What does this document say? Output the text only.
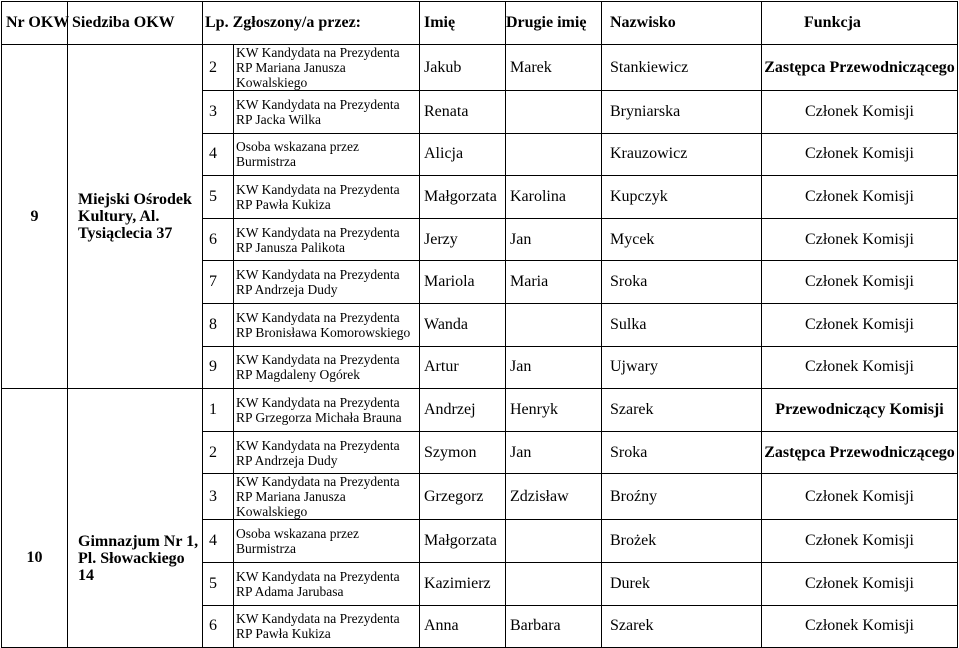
Nr OKW	Siedziba OKW	Lp. Zgłoszony/a przez:		Imię	Drugie imię	Nazwisko	Funkcja
9	Miejski Ośrodek Kultury, Al. Tysiąclecia 37	2	KW Kandydata na Prezydenta RP Mariana Janusza Kowalskiego	Jakub	Marek	Stankiewicz	Zastępca Przewodniczącego
		3	KW Kandydata na Prezydenta RP Jacka Wilka	Renata		Bryniarska	Członek Komisji
		4	Osoba wskazana przez Burmistrza	Alicja		Krauzowicz	Członek Komisji
		5	KW Kandydata na Prezydenta RP Pawła Kukiza	Małgorzata	Karolina	Kupczyk	Członek Komisji
		6	KW Kandydata na Prezydenta RP Janusza Palikota	Jerzy	Jan	Mycek	Członek Komisji
		7	KW Kandydata na Prezydenta RP Andrzeja Dudy	Mariola	Maria	Sroka	Członek Komisji
		8	KW Kandydata na Prezydenta RP Bronisława Komorowskiego	Wanda		Sulka	Członek Komisji
		9	KW Kandydata na Prezydenta RP Magdaleny Ogórek	Artur	Jan	Ujwary	Członek Komisji
10	Gimnazjum Nr 1, Pl. Słowackiego 14	1	KW Kandydata na Prezydenta RP Grzegorza Michała Brauna	Andrzej	Henryk	Szarek	Przewodniczący Komisji
		2	KW Kandydata na Prezydenta RP Andrzeja Dudy	Szymon	Jan	Sroka	Zastępca Przewodniczącego
		3	KW Kandydata na Prezydenta RP Mariana Janusza Kowalskiego	Grzegorz	Zdzisław	Broźny	Członek Komisji
		4	Osoba wskazana przez Burmistrza	Małgorzata		Brożek	Członek Komisji
		5	KW Kandydata na Prezydenta RP Adama Jarubasa	Kazimierz		Durek	Członek Komisji
		6	KW Kandydata na Prezydenta RP Pawła Kukiza	Anna	Barbara	Szarek	Członek Komisji
